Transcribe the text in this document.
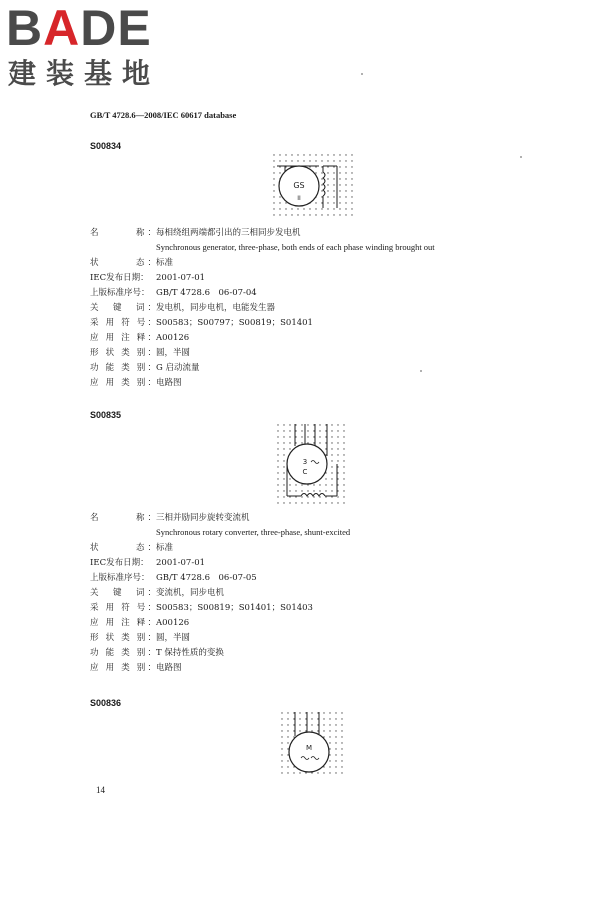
BADE
建装基地
GB/T 4728.6—2008/IEC 60617 database
S00834
GS
II
名　　　称：每相绕组两端都引出的三相同步发电机
Synchronous generator, three-phase, both ends of each phase winding brought out
状　　　态：标准
IEC发布日期： 2001-07-01
上版标准序号： GB/T 4728.6　06-07-04
关　键　词：发电机，同步电机，电能发生器
采 用 符 号：S00583；S00797；S00819；S01401
应 用 注 释：A00126
形 状 类 别：圆，半圆
功 能 类 别：G 启动流量
应 用 类 别：电路图
S00835
3
C
名　　　称：三相并励同步旋转变流机
Synchronous rotary converter, three-phase, shunt-excited
状　　　态：标准
IEC发布日期： 2001-07-01
上版标准序号： GB/T 4728.6　06-07-05
关　键　词：变流机，同步电机
采 用 符 号：S00583；S00819；S01401；S01403
应 用 注 释：A00126
形 状 类 别：圆，半圆
功 能 类 别：T 保持性质的变换
应 用 类 别：电路图
S00836
M
14
